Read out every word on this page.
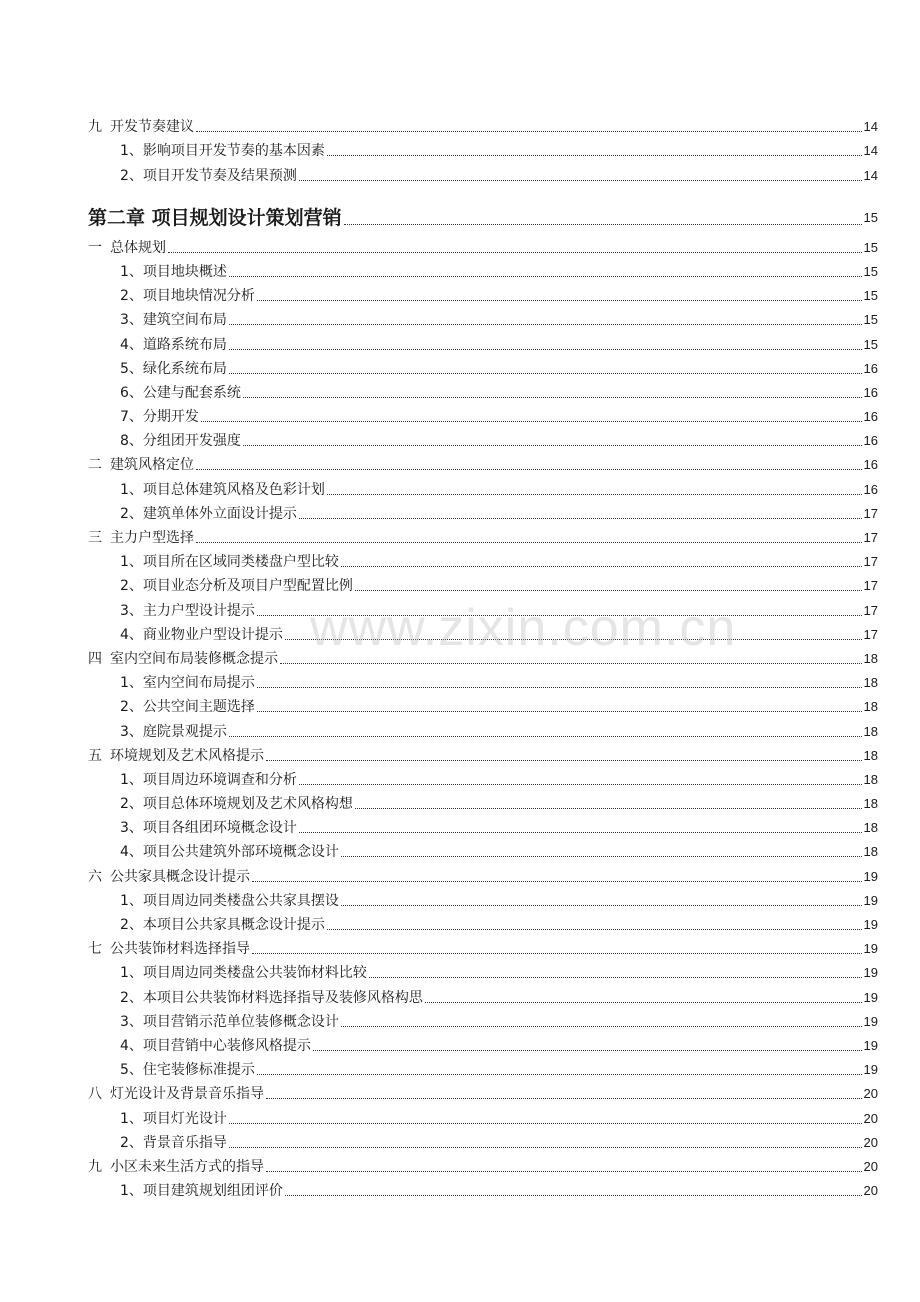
九 开发节奏建议	14
1、影响项目开发节奏的基本因素	14
2、项目开发节奏及结果预测	14
第二章 项目规划设计策划营销	15
一 总体规划	15
1、项目地块概述	15
2、项目地块情况分析	15
3、建筑空间布局	15
4、道路系统布局	15
5、绿化系统布局	16
6、公建与配套系统	16
7、分期开发	16
8、分组团开发强度	16
二 建筑风格定位	16
1、项目总体建筑风格及色彩计划	16
2、建筑单体外立面设计提示	17
三 主力户型选择	17
1、项目所在区域同类楼盘户型比较	17
2、项目业态分析及项目户型配置比例	17
3、主力户型设计提示	17
4、商业物业户型设计提示	17
四 室内空间布局装修概念提示	18
1、室内空间布局提示	18
2、公共空间主题选择	18
3、庭院景观提示	18
五 环境规划及艺术风格提示	18
1、项目周边环境调查和分析	18
2、项目总体环境规划及艺术风格构想	18
3、项目各组团环境概念设计	18
4、项目公共建筑外部环境概念设计	18
六 公共家具概念设计提示	19
1、项目周边同类楼盘公共家具摆设	19
2、本项目公共家具概念设计提示	19
七 公共装饰材料选择指导	19
1、项目周边同类楼盘公共装饰材料比较	19
2、本项目公共装饰材料选择指导及装修风格构思	19
3、项目营销示范单位装修概念设计	19
4、项目营销中心装修风格提示	19
5、住宅装修标准提示	19
八 灯光设计及背景音乐指导	20
1、项目灯光设计	20
2、背景音乐指导	20
九 小区未来生活方式的指导	20
1、项目建筑规划组团评价	20
www.zixin.com.cn
